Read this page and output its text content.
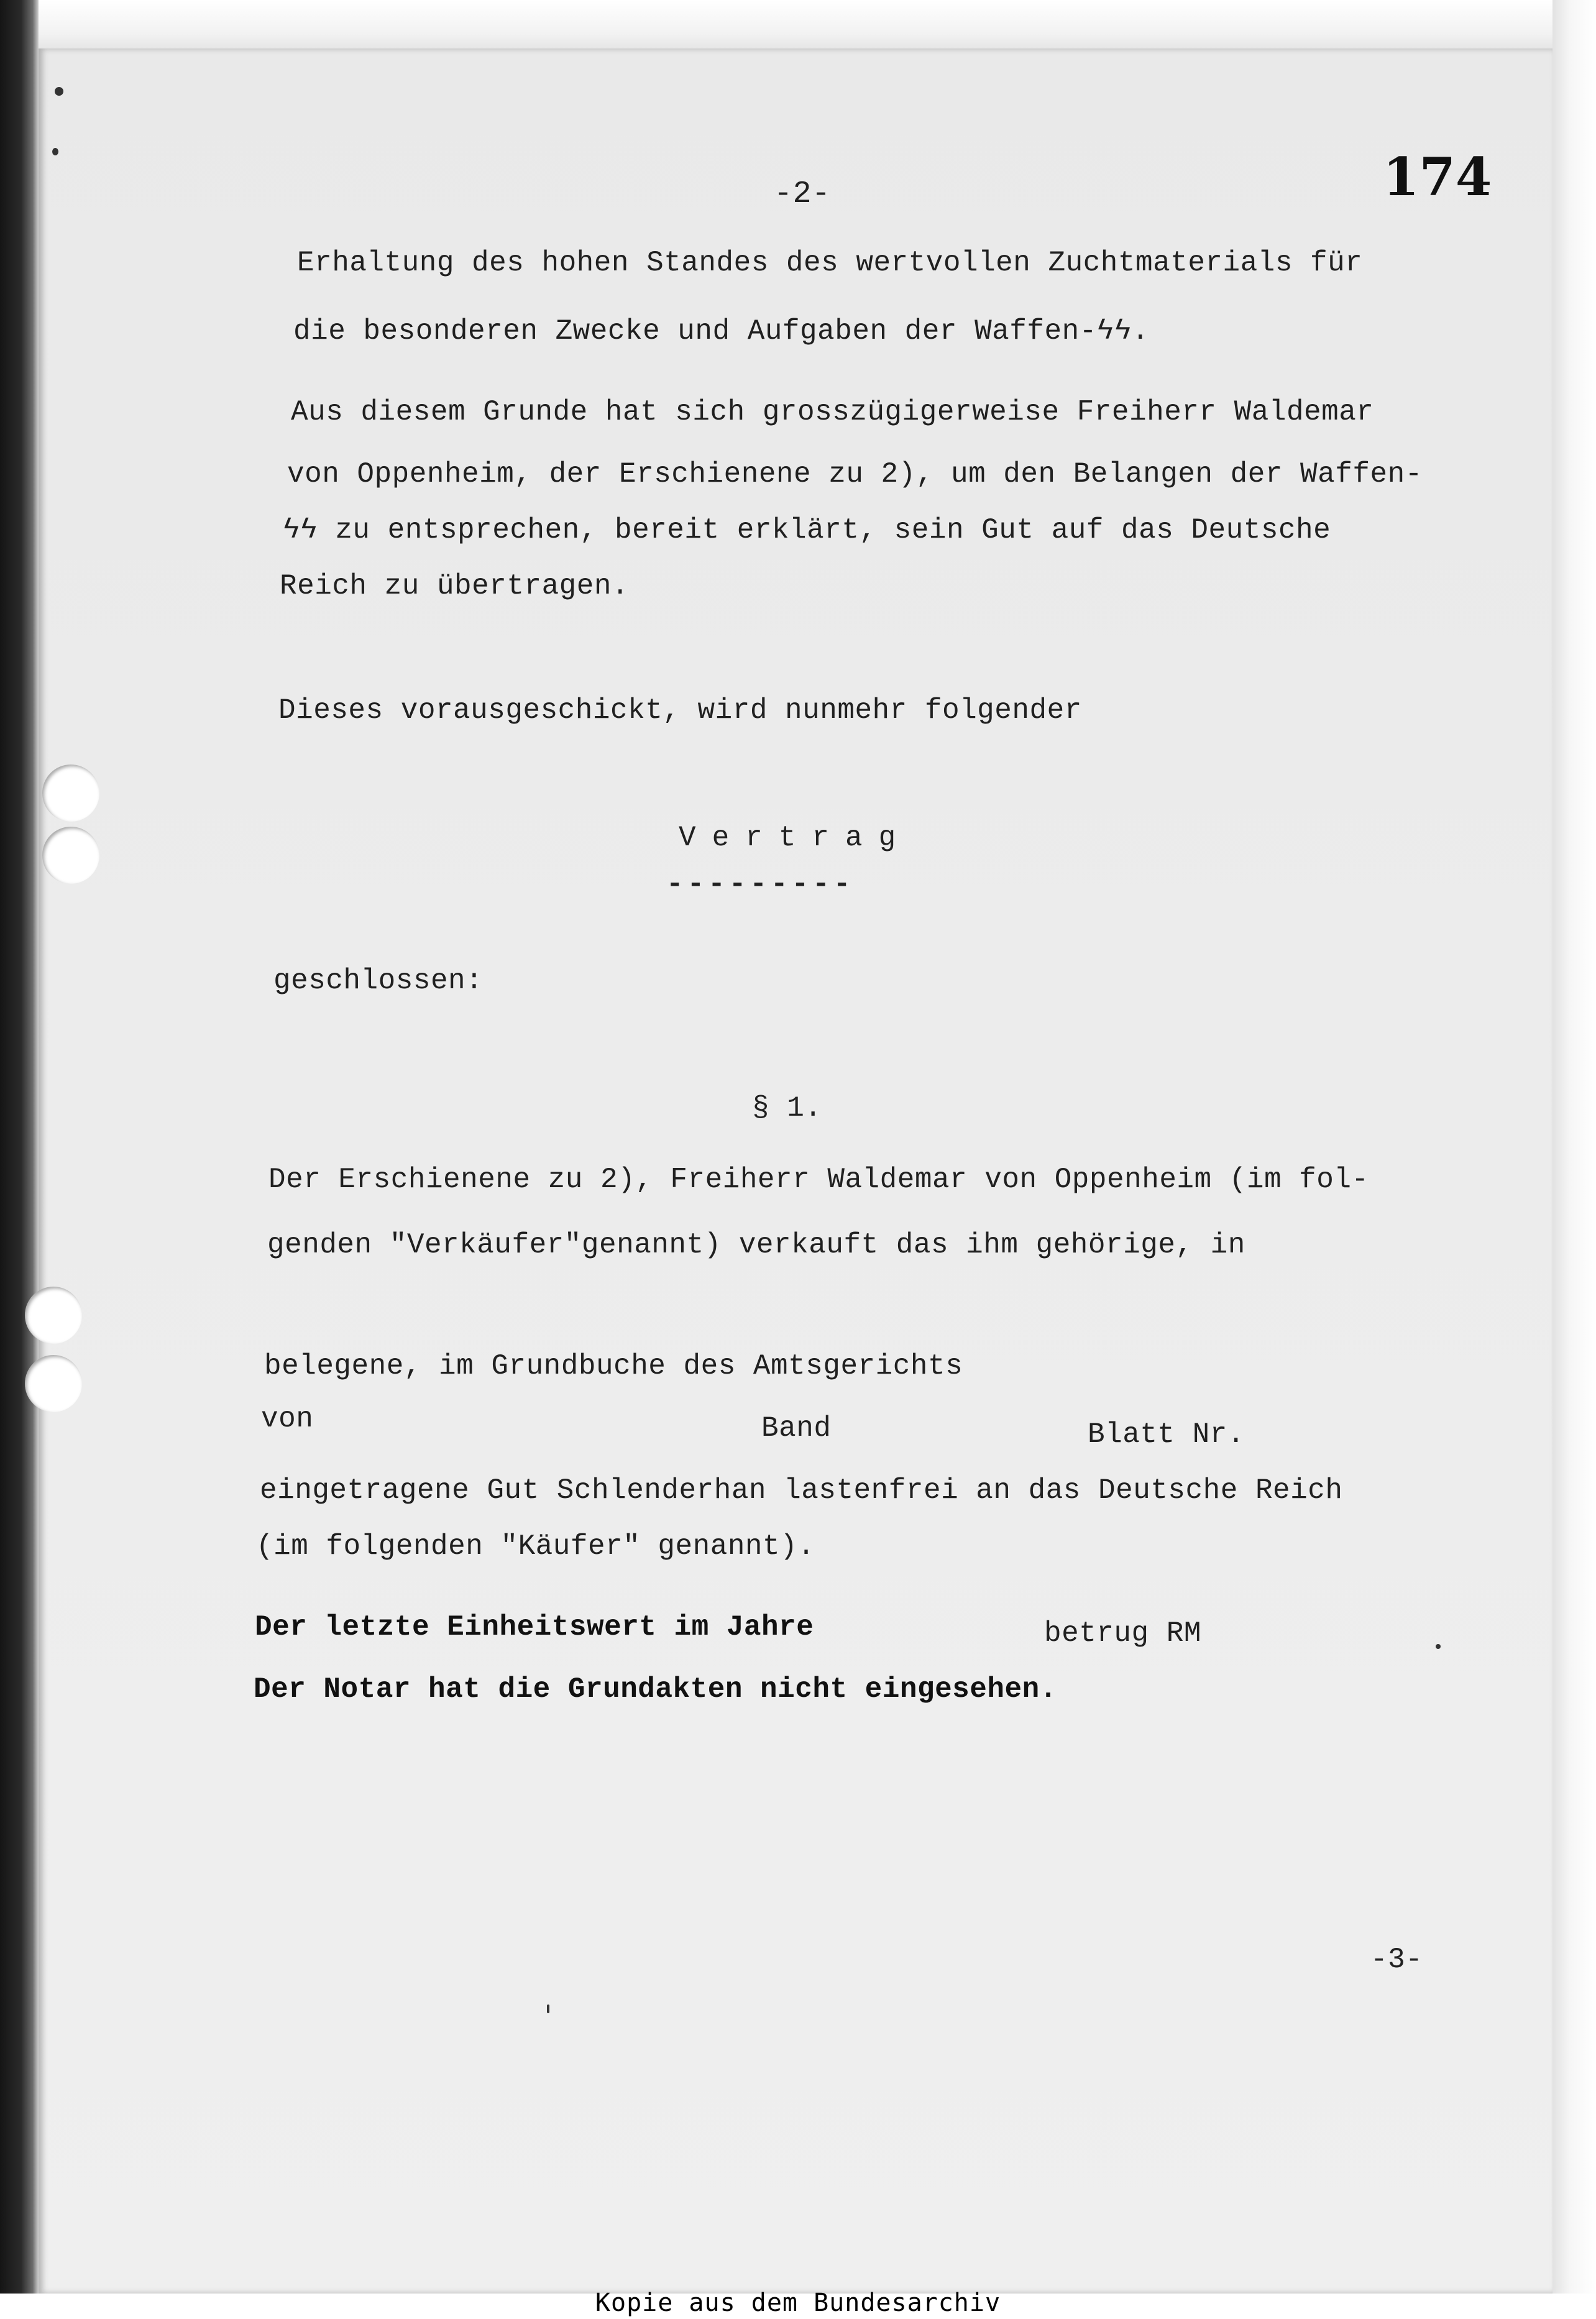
-2-	174

Erhaltung des hohen Standes des wertvollen Zuchtmaterials für

die besonderen Zwecke und Aufgaben der Waffen-ϟϟ.

Aus diesem Grunde hat sich grosszügigerweise Freiherr Waldemar

von Oppenheim, der Erschienene zu 2), um den Belangen der Waffen-

ϟϟ zu entsprechen, bereit erklärt, sein Gut auf das Deutsche

Reich zu übertragen.

Dieses vorausgeschickt, wird nunmehr folgender

Vertrag

---------

geschlossen:

§ 1.

Der Erschienene zu 2), Freiherr Waldemar von Oppenheim (im fol-

genden "Verkäufer"genannt) verkauft das ihm gehörige, in

belegene, im Grundbuche des Amtsgerichts

von	Band	Blatt Nr.

eingetragene Gut Schlenderhan lastenfrei an das Deutsche Reich

(im folgenden "Käufer" genannt).

Der letzte Einheitswert im Jahre	betrug RM

Der Notar hat die Grundakten nicht eingesehen.

-3-

Kopie aus dem Bundesarchiv
